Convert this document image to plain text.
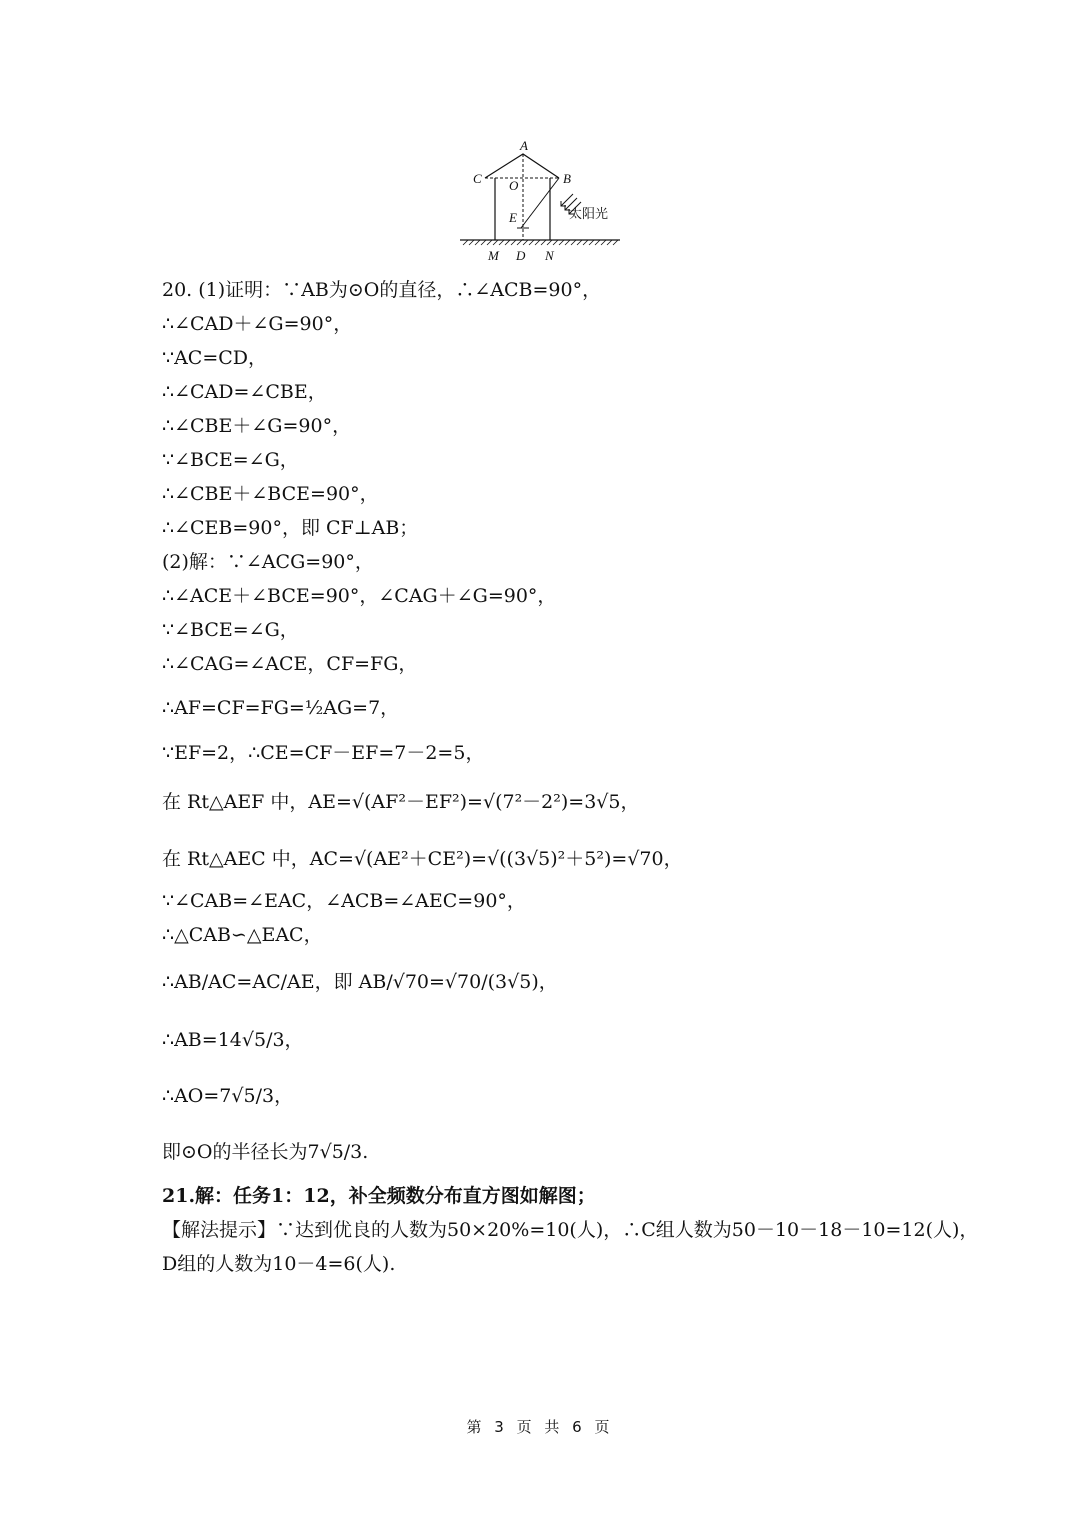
A
C	B
O
E
M D N
太阳光
20. (1)证明：∵AB为⊙O的直径，∴∠ACB=90°，
∴∠CAD＋∠G=90°，
∵AC=CD，
∴∠CAD=∠CBE，
∴∠CBE＋∠G=90°，
∵∠BCE=∠G，
∴∠CBE＋∠BCE=90°，
∴∠CEB=90°，即 CF⊥AB；
(2)解：∵∠ACG=90°，
∴∠ACE＋∠BCE=90°，∠CAG＋∠G=90°，
∵∠BCE=∠G，
∴∠CAG=∠ACE，CF=FG，
∴AF=CF=FG=½AG=7，
∵EF=2，∴CE=CF－EF=7－2=5，
在 Rt△AEF 中，AE=√(AF²－EF²)=√(7²－2²)=3√5，
在 Rt△AEC 中，AC=√(AE²＋CE²)=√((3√5)²＋5²)=√70，
∵∠CAB=∠EAC，∠ACB=∠AEC=90°，
∴△CAB∽△EAC，
∴AB/AC=AC/AE，即 AB/√70=√70/(3√5)，
∴AB=14√5/3，
∴AO=7√5/3，
即⊙O的半径长为7√5/3.
21.解：任务1：12，补全频数分布直方图如解图；
【解法提示】∵达到优良的人数为50×20%=10(人)，∴C组人数为50－10－18－10=12(人)，
D组的人数为10－4=6(人).
第 3 页 共 6 页
